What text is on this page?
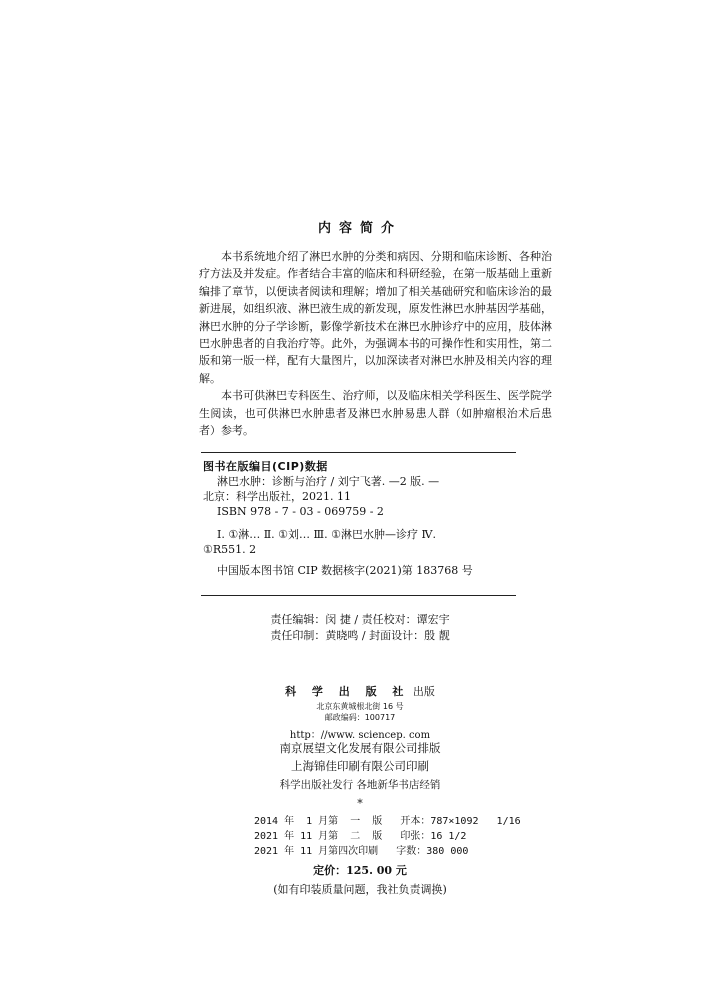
内容简介

本书系统地介绍了淋巴水肿的分类和病因、分期和临床诊断、各种治疗方法及并发症。作者结合丰富的临床和科研经验，在第一版基础上重新编排了章节，以便读者阅读和理解；增加了相关基础研究和临床诊治的最新进展，如组织液、淋巴液生成的新发现，原发性淋巴水肿基因学基础，淋巴水肿的分子学诊断，影像学新技术在淋巴水肿诊疗中的应用，肢体淋巴水肿患者的自我治疗等。此外，为强调本书的可操作性和实用性，第二版和第一版一样，配有大量图片，以加深读者对淋巴水肿及相关内容的理解。

本书可供淋巴专科医生、治疗师，以及临床相关学科医生、医学院学生阅读，也可供淋巴水肿患者及淋巴水肿易患人群（如肿瘤根治术后患者）参考。

图书在版编目(CIP)数据
淋巴水肿：诊断与治疗 / 刘宁飞著. —2 版. —
北京：科学出版社，2021. 11
ISBN 978 - 7 - 03 - 069759 - 2
Ⅰ. ①淋… Ⅱ. ①刘… Ⅲ. ①淋巴水肿—诊疗 Ⅳ.
①R551. 2
中国版本图书馆 CIP 数据核字(2021)第 183768 号
责任编辑：闵 捷 / 责任校对：谭宏宇
责任印制：黄晓鸣 / 封面设计：殷 靓
科 学 出 版 社 出版
北京东黄城根北街 16 号
邮政编码：100717
http：//www. sciencep. com
南京展望文化发展有限公司排版
上海锦佳印刷有限公司印刷
科学出版社发行 各地新华书店经销
*
2014 年  1 月第  一  版   开本：787×1092   1/16
2021 年 11 月第  二  版   印张：16 1/2
2021 年 11 月第四次印刷   字数：380 000
定价：125. 00 元
(如有印装质量问题，我社负责调换)
